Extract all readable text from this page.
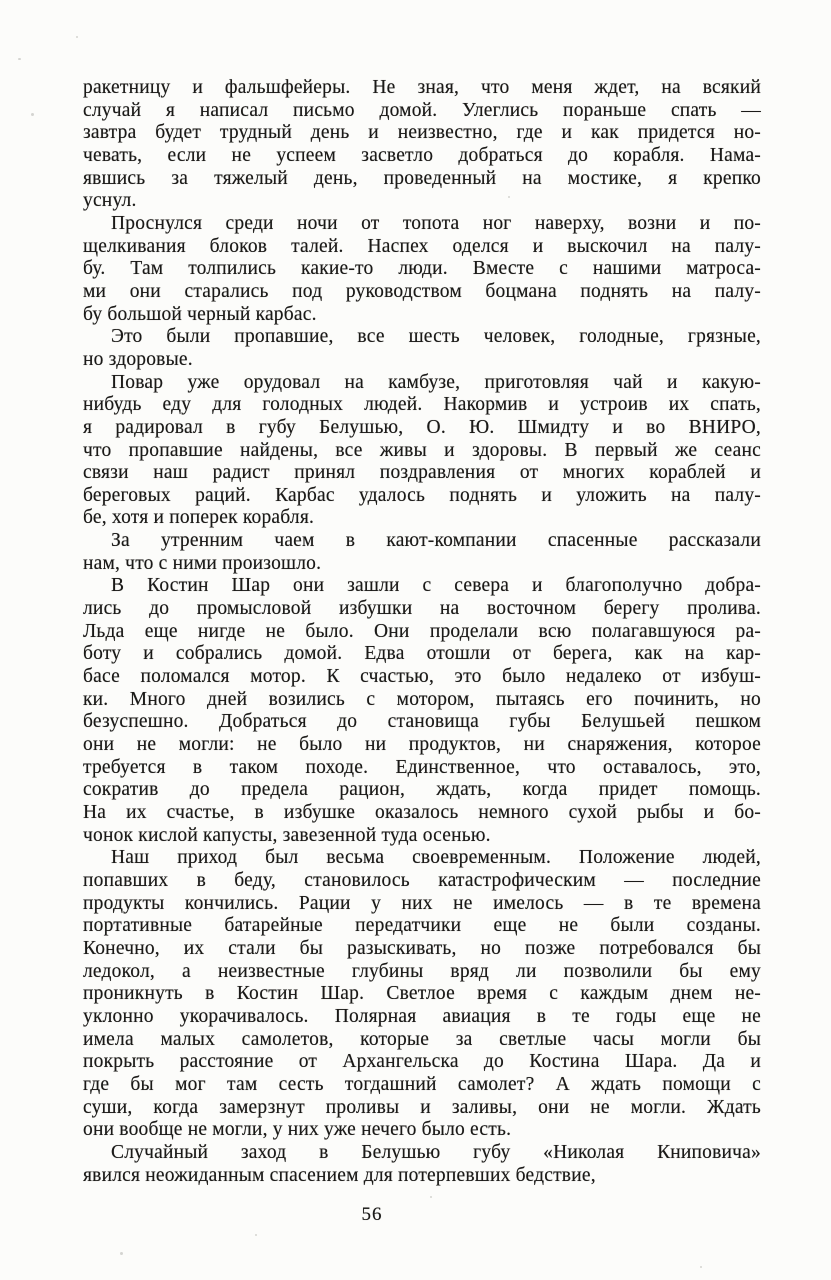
ракетницу и фальшфейеры. Не зная, что меня ждет, на всякий
случай я написал письмо домой. Улеглись пораньше спать —
завтра будет трудный день и неизвестно, где и как придется но-
чевать, если не успеем засветло добраться до корабля. Нама-
явшись за тяжелый день, проведенный на мостике, я крепко
уснул.
Проснулся среди ночи от топота ног наверху, возни и по-
щелкивания блоков талей. Наспех оделся и выскочил на палу-
бу. Там толпились какие-то люди. Вместе с нашими матроса-
ми они старались под руководством боцмана поднять на палу-
бу большой черный карбас.
Это были пропавшие, все шесть человек, голодные, грязные,
но здоровые.
Повар уже орудовал на камбузе, приготовляя чай и какую-
нибудь еду для голодных людей. Накормив и устроив их спать,
я радировал в губу Белушью, О. Ю. Шмидту и во ВНИРО,
что пропавшие найдены, все живы и здоровы. В первый же сеанс
связи наш радист принял поздравления от многих кораблей и
береговых раций. Карбас удалось поднять и уложить на палу-
бе, хотя и поперек корабля.
За утренним чаем в кают-компании спасенные рассказали
нам, что с ними произошло.
В Костин Шар они зашли с севера и благополучно добра-
лись до промысловой избушки на восточном берегу пролива.
Льда еще нигде не было. Они проделали всю полагавшуюся ра-
боту и собрались домой. Едва отошли от берега, как на кар-
басе поломался мотор. К счастью, это было недалеко от избуш-
ки. Много дней возились с мотором, пытаясь его починить, но
безуспешно. Добраться до становища губы Белушьей пешком
они не могли: не было ни продуктов, ни снаряжения, которое
требуется в таком походе. Единственное, что оставалось, это,
сократив до предела рацион, ждать, когда придет помощь.
На их счастье, в избушке оказалось немного сухой рыбы и бо-
чонок кислой капусты, завезенной туда осенью.
Наш приход был весьма своевременным. Положение людей,
попавших в беду, становилось катастрофическим — последние
продукты кончились. Рации у них не имелось — в те времена
портативные батарейные передатчики еще не были созданы.
Конечно, их стали бы разыскивать, но позже потребовался бы
ледокол, а неизвестные глубины вряд ли позволили бы ему
проникнуть в Костин Шар. Светлое время с каждым днем не-
уклонно укорачивалось. Полярная авиация в те годы еще не
имела малых самолетов, которые за светлые часы могли бы
покрыть расстояние от Архангельска до Костина Шара. Да и
где бы мог там сесть тогдашний самолет? А ждать помощи с
суши, когда замерзнут проливы и заливы, они не могли. Ждать
они вообще не могли, у них уже нечего было есть.
Случайный заход в Белушью губу «Николая Книповича»
явился неожиданным спасением для потерпевших бедствие,
56
